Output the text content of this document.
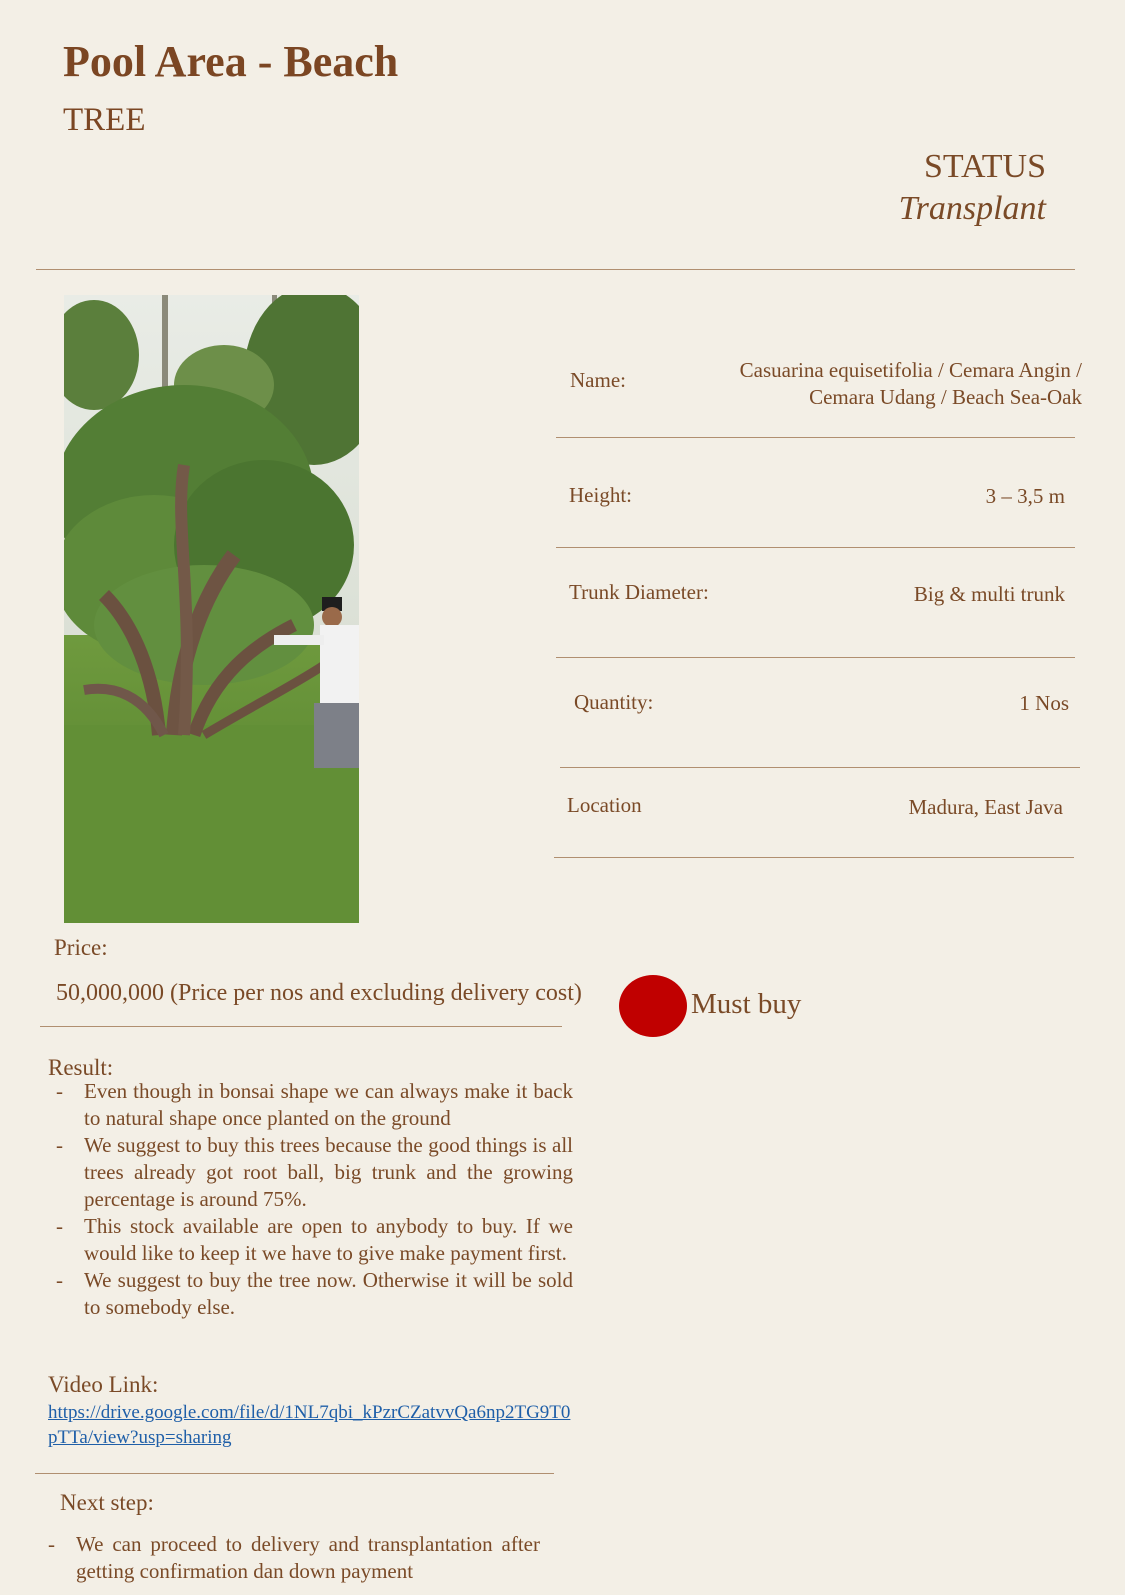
Pool Area - Beach
TREE
STATUS
Transplant
Name:	Casuarina equisetifolia / Cemara Angin /
Cemara Udang / Beach Sea-Oak
Height:	3 – 3,5 m
Trunk Diameter:	Big & multi trunk
Quantity:	1 Nos
Location	Madura, East Java
Price:
50,000,000 (Price per nos and excluding delivery cost)	Must buy
Result:
- Even though in bonsai shape we can always make it back to natural shape once planted on the ground
- We suggest to buy this trees because the good things is all trees already got root ball, big trunk and the growing percentage is around 75%.
- This stock available are open to anybody to buy. If we would like to keep it we have to give make payment first.
- We suggest to buy the tree now. Otherwise it will be sold to somebody else.
Video Link:
https://drive.google.com/file/d/1NL7qbi_kPzrCZatvvQa6np2TG9T0pTTa/view?usp=sharing
Next step:
- We can proceed to delivery and transplantation after getting confirmation dan down payment
